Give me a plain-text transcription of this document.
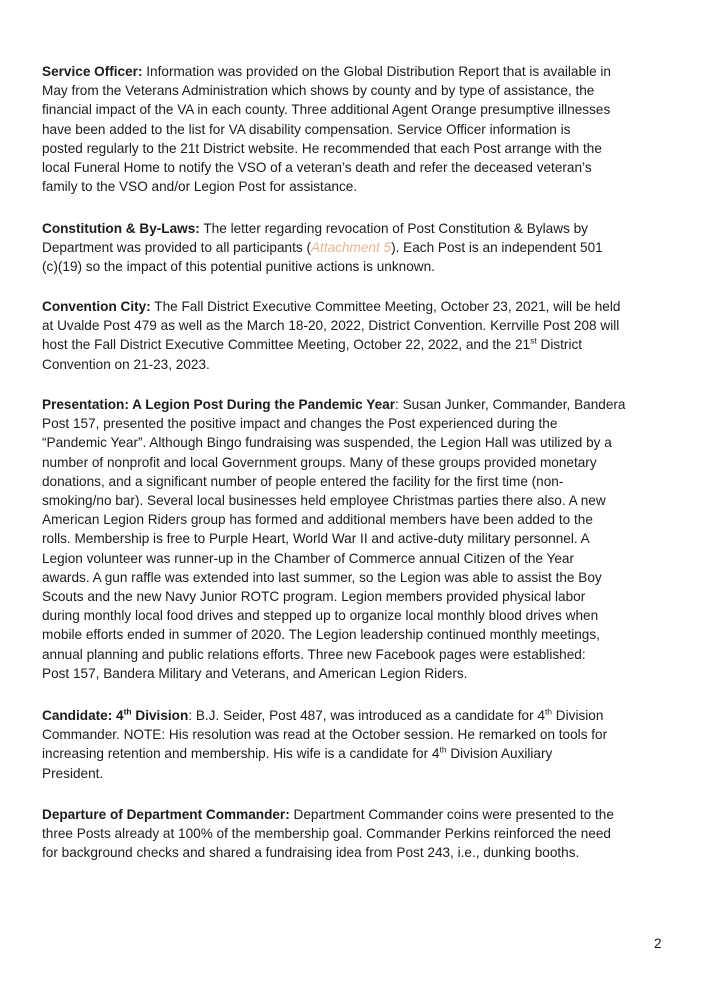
Service Officer: Information was provided on the Global Distribution Report that is available in
May from the Veterans Administration which shows by county and by type of assistance, the
financial impact of the VA in each county. Three additional Agent Orange presumptive illnesses
have been added to the list for VA disability compensation. Service Officer information is
posted regularly to the 21t District website. He recommended that each Post arrange with the
local Funeral Home to notify the VSO of a veteran’s death and refer the deceased veteran’s
family to the VSO and/or Legion Post for assistance.
Constitution & By-Laws: The letter regarding revocation of Post Constitution & Bylaws by
Department was provided to all participants (Attachment 5). Each Post is an independent 501
(c)(19) so the impact of this potential punitive actions is unknown.
Convention City: The Fall District Executive Committee Meeting, October 23, 2021, will be held
at Uvalde Post 479 as well as the March 18-20, 2022, District Convention. Kerrville Post 208 will
host the Fall District Executive Committee Meeting, October 22, 2022, and the 21st District
Convention on 21-23, 2023.
Presentation: A Legion Post During the Pandemic Year: Susan Junker, Commander, Bandera
Post 157, presented the positive impact and changes the Post experienced during the
“Pandemic Year”. Although Bingo fundraising was suspended, the Legion Hall was utilized by a
number of nonprofit and local Government groups. Many of these groups provided monetary
donations, and a significant number of people entered the facility for the first time (non-
smoking/no bar). Several local businesses held employee Christmas parties there also. A new
American Legion Riders group has formed and additional members have been added to the
rolls. Membership is free to Purple Heart, World War II and active-duty military personnel. A
Legion volunteer was runner-up in the Chamber of Commerce annual Citizen of the Year
awards. A gun raffle was extended into last summer, so the Legion was able to assist the Boy
Scouts and the new Navy Junior ROTC program. Legion members provided physical labor
during monthly local food drives and stepped up to organize local monthly blood drives when
mobile efforts ended in summer of 2020. The Legion leadership continued monthly meetings,
annual planning and public relations efforts. Three new Facebook pages were established:
Post 157, Bandera Military and Veterans, and American Legion Riders.
Candidate: 4th Division: B.J. Seider, Post 487, was introduced as a candidate for 4th Division
Commander. NOTE: His resolution was read at the October session. He remarked on tools for
increasing retention and membership. His wife is a candidate for 4th Division Auxiliary
President.
Departure of Department Commander: Department Commander coins were presented to the
three Posts already at 100% of the membership goal. Commander Perkins reinforced the need
for background checks and shared a fundraising idea from Post 243, i.e., dunking booths.
2
